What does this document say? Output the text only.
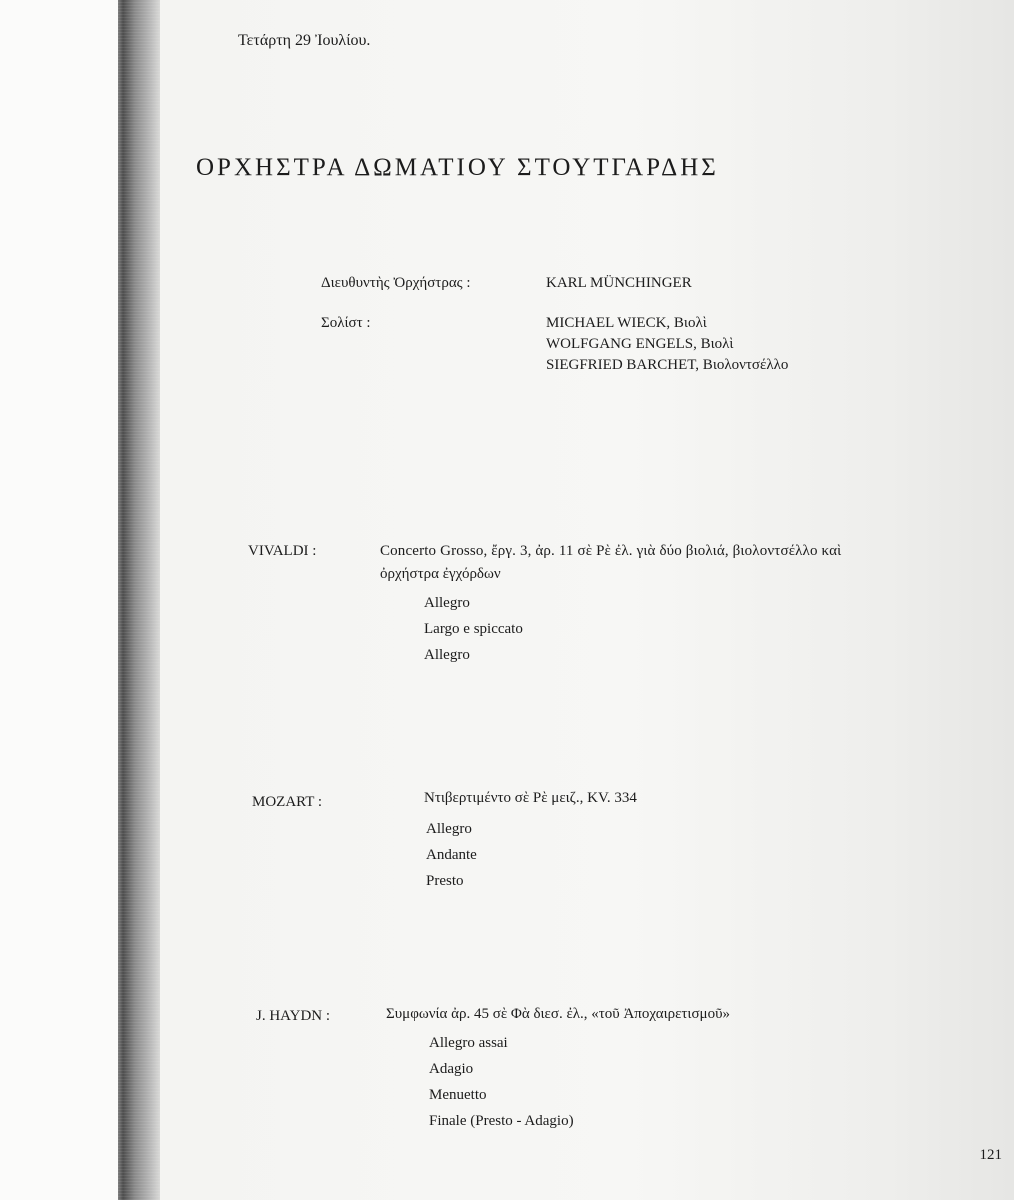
Τετάρτη 29 Ἰουλίου.
ΟΡΧΗΣΤΡΑ ΔΩΜΑΤΙΟΥ ΣΤΟΥΤΓΑΡΔΗΣ
Διευθυντὴς Ὀρχήστρας :	KARL MÜNCHINGER
Σολίστ :	MICHAEL WIECK, Βιολὶ
WOLFGANG ENGELS, Βιολὶ
SIEGFRIED BARCHET, Βιολοντσέλλο
VIVALDI :	Concerto Grosso, ἔργ. 3, ἀρ. 11 σὲ Ρὲ ἐλ. γιὰ δύο βιολιά, βιολοντσέλλο καὶ
ὀρχήστρα ἐγχόρδων
Allegro
Largo e spiccato
Allegro
MOZART :	Ντιβερτιμέντο σὲ Ρὲ μειζ., KV. 334
Allegro
Andante
Presto
J. HAYDN :	Συμφωνία ἀρ. 45 σὲ Φὰ διεσ. ἐλ., «τοῦ Ἀποχαιρετισμοῦ»
Allegro assai
Adagio
Menuetto
Finale (Presto - Adagio)
121
